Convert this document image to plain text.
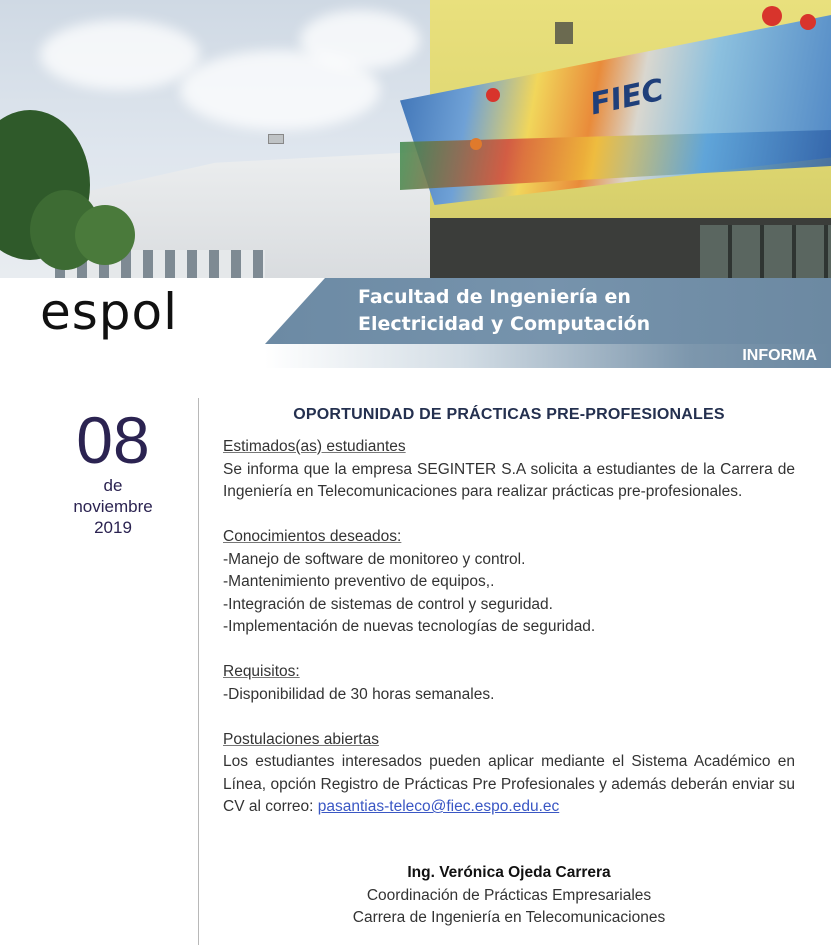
FIEC
espol	Facultad de Ingeniería en
Electricidad y Computación
INFORMA
08
de
noviembre
2019
OPORTUNIDAD DE PRÁCTICAS PRE-PROFESIONALES
Estimados(as) estudiantes
Se informa que la empresa SEGINTER S.A solicita a estudiantes de la Carrera de Ingeniería en Telecomunicaciones para realizar prácticas pre-profesionales.
Conocimientos deseados:
-Manejo de software de monitoreo y control.
-Mantenimiento preventivo de equipos,.
-Integración de sistemas de control y seguridad.
-Implementación de nuevas tecnologías de seguridad.
Requisitos:
-Disponibilidad de 30 horas semanales.
Postulaciones abiertas
Los estudiantes interesados pueden aplicar mediante el Sistema Académico en Línea, opción Registro de Prácticas Pre Profesionales y además deberán enviar su CV al correo: pasantias-teleco@fiec.espo.edu.ec
Ing. Verónica Ojeda Carrera
Coordinación de Prácticas Empresariales
Carrera de Ingeniería en Telecomunicaciones
